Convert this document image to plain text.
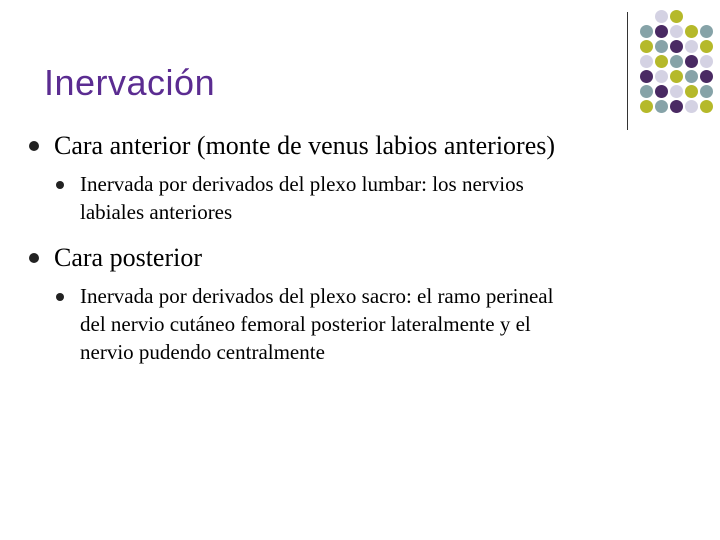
Inervación
Cara anterior (monte de venus labios anteriores)
Inervada por derivados del plexo lumbar: los nervios
labiales anteriores
Cara posterior
Inervada por derivados del plexo sacro: el ramo perineal
del nervio cutáneo femoral posterior lateralmente y el
nervio pudendo centralmente
